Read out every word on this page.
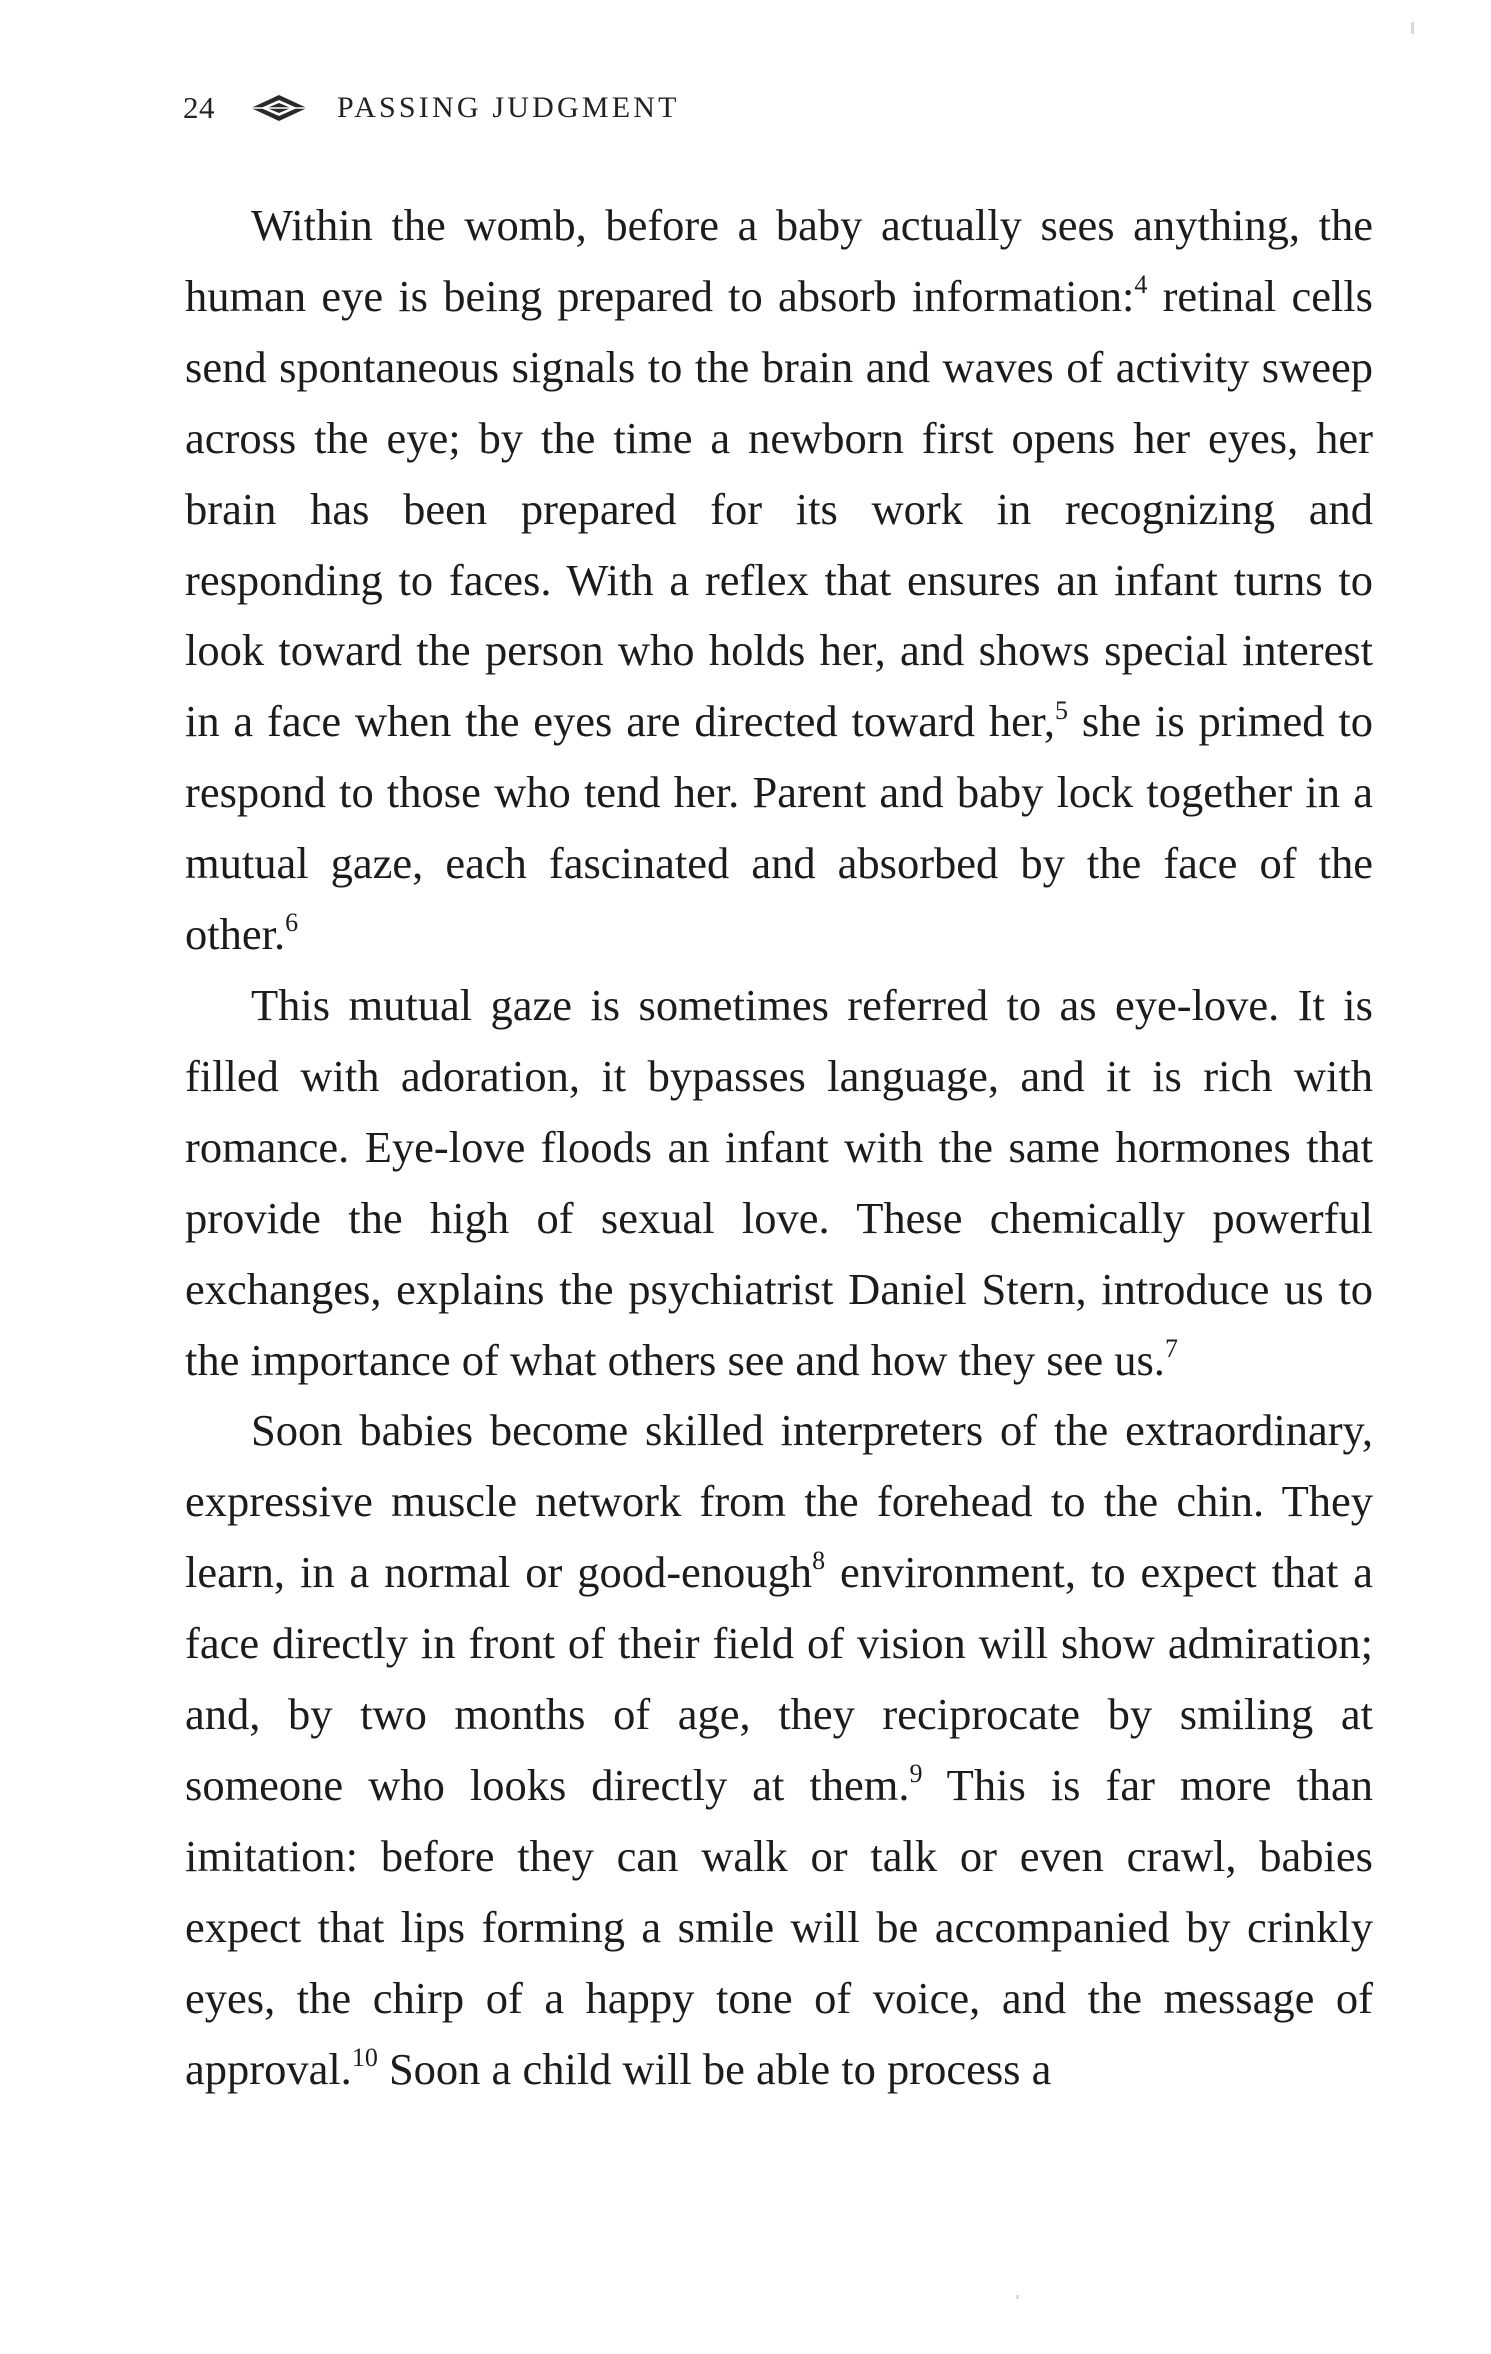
24	PASSING JUDGMENT

Within the womb, before a baby actually sees anything, the human eye is being prepared to absorb information:$^4$ retinal cells send spontaneous signals to the brain and waves of activity sweep across the eye; by the time a newborn first opens her eyes, her brain has been prepared for its work in recognizing and responding to faces. With a reflex that ensures an infant turns to look toward the person who holds her, and shows special interest in a face when the eyes are directed toward her,$^5$ she is primed to respond to those who tend her. Parent and baby lock together in a mutual gaze, each fascinated and absorbed by the face of the other.$^6$

This mutual gaze is sometimes referred to as eye-love. It is filled with adoration, it bypasses language, and it is rich with romance. Eye-love floods an infant with the same hormones that provide the high of sexual love. These chemically powerful exchanges, explains the psychiatrist Daniel Stern, introduce us to the importance of what others see and how they see us.$^7$

Soon babies become skilled interpreters of the extraordinary, expressive muscle network from the forehead to the chin. They learn, in a normal or good-enough$^8$ environment, to expect that a face directly in front of their field of vision will show admiration; and, by two months of age, they reciprocate by smiling at someone who looks directly at them.$^9$ This is far more than imitation: before they can walk or talk or even crawl, babies expect that lips forming a smile will be accompanied by crinkly eyes, the chirp of a happy tone of voice, and the message of approval.$^{10}$ Soon a child will be able to process a
